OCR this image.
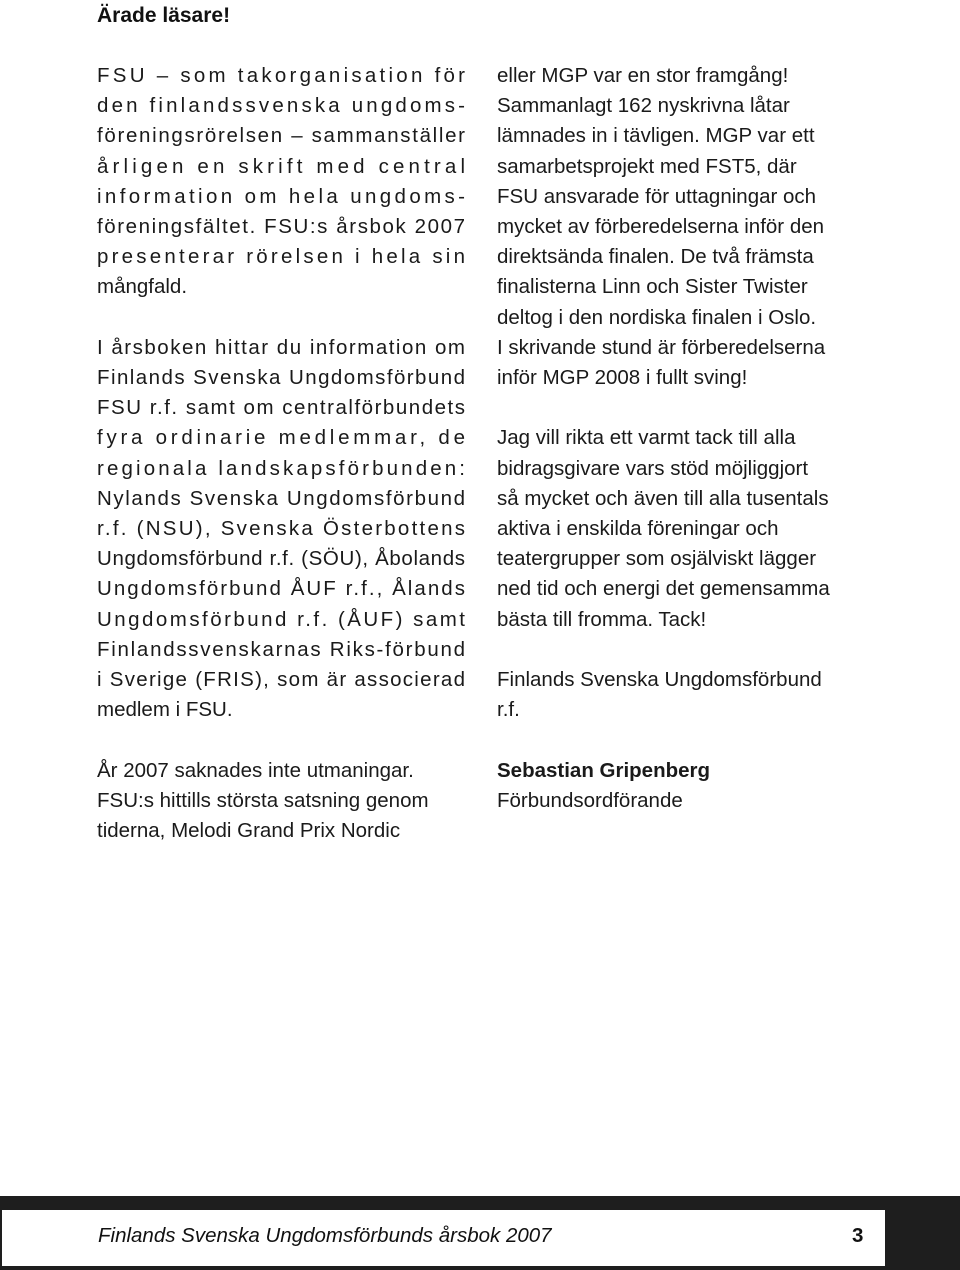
Ärade läsare!

FSU – som takorganisation för
den finlandssvenska ungdoms-
föreningsrörelsen – sammanställer
årligen en skrift med central
information om hela ungdoms-
föreningsfältet. FSU:s årsbok 2007
presenterar rörelsen i hela sin
mångfald.

I årsboken hittar du information om
Finlands Svenska Ungdomsförbund
FSU r.f. samt om centralförbundets
fyra ordinarie medlemmar, de
regionala landskapsförbunden:
Nylands Svenska Ungdomsförbund
r.f. (NSU), Svenska Österbottens
Ungdomsförbund r.f. (SÖU), Åbolands
Ungdomsförbund ÅUF r.f., Ålands
Ungdomsförbund r.f. (ÅUF) samt
Finlandssvenskarnas Riks-förbund
i Sverige (FRIS), som är associerad
medlem i FSU.

År 2007 saknades inte utmaningar.
FSU:s hittills största satsning genom
tiderna, Melodi Grand Prix Nordic

eller MGP var en stor framgång!
Sammanlagt 162 nyskrivna låtar
lämnades in i tävligen. MGP var ett
samarbetsprojekt med FST5, där
FSU ansvarade för uttagningar och
mycket av förberedelserna inför den
direktsända finalen. De två främsta
finalisterna Linn och Sister Twister
deltog i den nordiska finalen i Oslo.
I skrivande stund är förberedelserna
inför MGP 2008 i fullt sving!

Jag vill rikta ett varmt tack till alla
bidragsgivare vars stöd möjliggjort
så mycket och även till alla tusentals
aktiva i enskilda föreningar och
teatergrupper som osjälviskt lägger
ned tid och energi det gemensamma
bästa till fromma. Tack!

Finlands Svenska Ungdomsförbund
r.f.

Sebastian Gripenberg
Förbundsordförande

Finlands Svenska Ungdomsförbunds årsbok 2007	3
